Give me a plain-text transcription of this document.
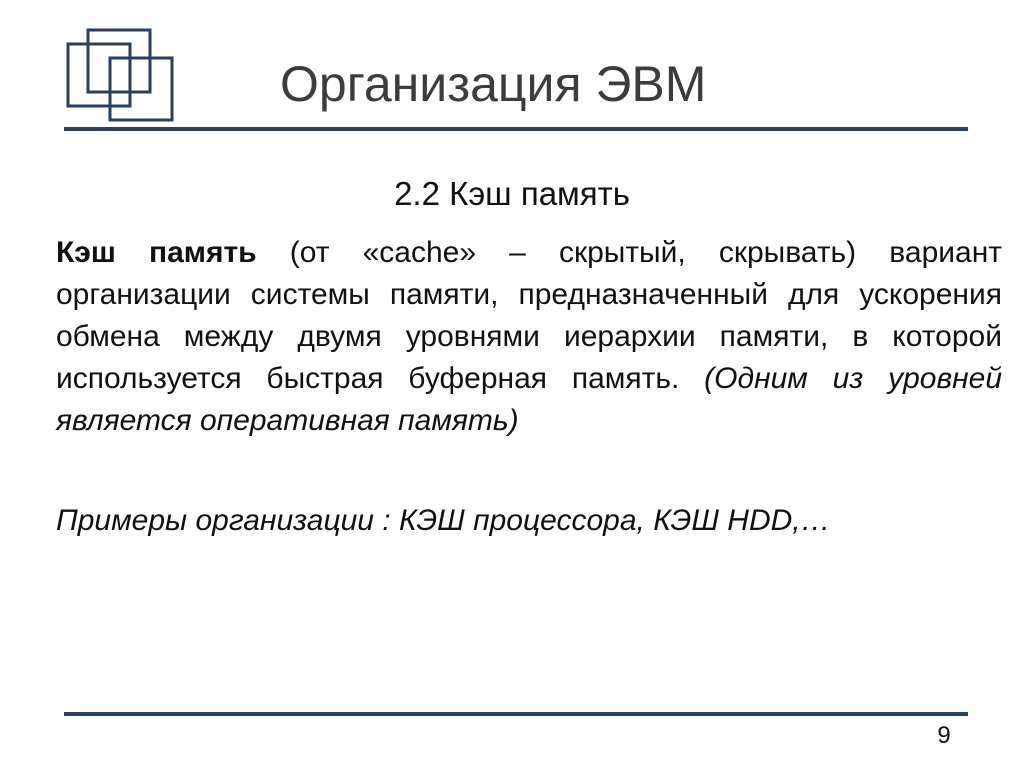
Организация ЭВМ
2.2 Кэш память

Кэш память (от «cache» – скрытый, скрывать) вариант организации системы памяти, предназначенный для ускорения обмена между двумя уровнями иерархии памяти, в которой используется быстрая буферная память. (Одним из уровней является оперативная память)

Примеры организации : КЭШ процессора, КЭШ HDD,…

9
